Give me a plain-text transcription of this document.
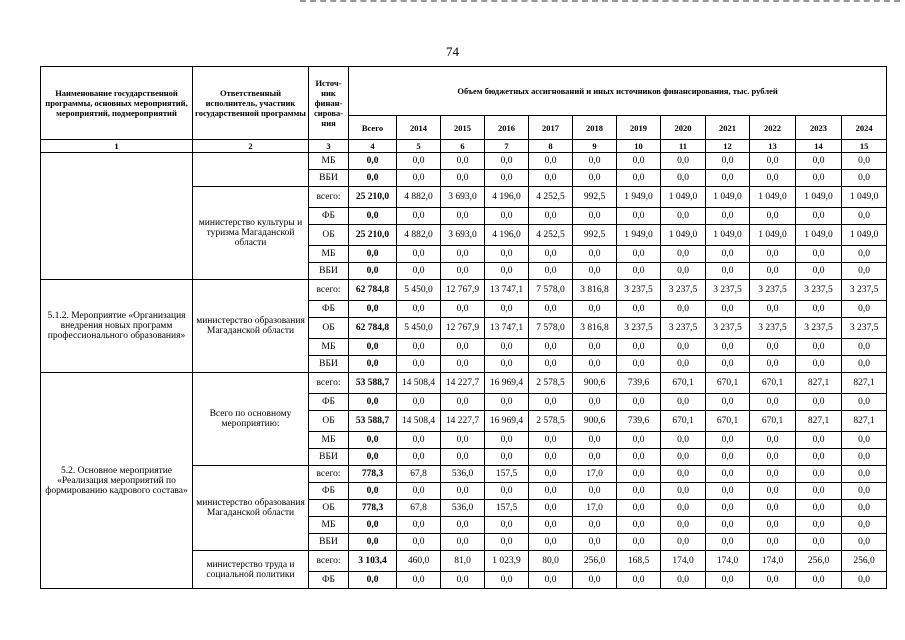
74
Наименование государственной программы, основных мероприятий, мероприятий, подмероприятий	Ответственный исполнитель, участник государственной программы	Источ-ник финан-сирова-ния	Объем бюджетных ассигнований и иных источников финансирования, тыс. рублей											
			Всего	2014	2015	2016	2017	2018	2019	2020	2021	2022	2023	2024
1	2	3	4	5	6	7	8	9	10	11	12	13	14	15
		МБ	0,0	0,0	0,0	0,0	0,0	0,0	0,0	0,0	0,0	0,0	0,0	0,0
		ВБИ	0,0	0,0	0,0	0,0	0,0	0,0	0,0	0,0	0,0	0,0	0,0	0,0
	министерство культуры и туризма Магаданской области	всего:	25 210,0	4 882,0	3 693,0	4 196,0	4 252,5	992,5	1 949,0	1 049,0	1 049,0	1 049,0	1 049,0	1 049,0
		ФБ	0,0	0,0	0,0	0,0	0,0	0,0	0,0	0,0	0,0	0,0	0,0	0,0
		ОБ	25 210,0	4 882,0	3 693,0	4 196,0	4 252,5	992,5	1 949,0	1 049,0	1 049,0	1 049,0	1 049,0	1 049,0
		МБ	0,0	0,0	0,0	0,0	0,0	0,0	0,0	0,0	0,0	0,0	0,0	0,0
		ВБИ	0,0	0,0	0,0	0,0	0,0	0,0	0,0	0,0	0,0	0,0	0,0	0,0
5.1.2. Мероприятие «Организация внедрения новых программ профессионального образования»	министерство образования Магаданской области	всего:	62 784,8	5 450,0	12 767,9	13 747,1	7 578,0	3 816,8	3 237,5	3 237,5	3 237,5	3 237,5	3 237,5	3 237,5
		ФБ	0,0	0,0	0,0	0,0	0,0	0,0	0,0	0,0	0,0	0,0	0,0	0,0
		ОБ	62 784,8	5 450,0	12 767,9	13 747,1	7 578,0	3 816,8	3 237,5	3 237,5	3 237,5	3 237,5	3 237,5	3 237,5
		МБ	0,0	0,0	0,0	0,0	0,0	0,0	0,0	0,0	0,0	0,0	0,0	0,0
		ВБИ	0,0	0,0	0,0	0,0	0,0	0,0	0,0	0,0	0,0	0,0	0,0	0,0
5.2. Основное мероприятие «Реализация мероприятий по формированию кадрового состава»	Всего по основному мероприятию:	всего:	53 588,7	14 508,4	14 227,7	16 969,4	2 578,5	900,6	739,6	670,1	670,1	670,1	827,1	827,1
		ФБ	0,0	0,0	0,0	0,0	0,0	0,0	0,0	0,0	0,0	0,0	0,0	0,0
		ОБ	53 588,7	14 508,4	14 227,7	16 969,4	2 578,5	900,6	739,6	670,1	670,1	670,1	827,1	827,1
		МБ	0,0	0,0	0,0	0,0	0,0	0,0	0,0	0,0	0,0	0,0	0,0	0,0
		ВБИ	0,0	0,0	0,0	0,0	0,0	0,0	0,0	0,0	0,0	0,0	0,0	0,0
	министерство образования Магаданской области	всего:	778,3	67,8	536,0	157,5	0,0	17,0	0,0	0,0	0,0	0,0	0,0	0,0
		ФБ	0,0	0,0	0,0	0,0	0,0	0,0	0,0	0,0	0,0	0,0	0,0	0,0
		ОБ	778,3	67,8	536,0	157,5	0,0	17,0	0,0	0,0	0,0	0,0	0,0	0,0
		МБ	0,0	0,0	0,0	0,0	0,0	0,0	0,0	0,0	0,0	0,0	0,0	0,0
		ВБИ	0,0	0,0	0,0	0,0	0,0	0,0	0,0	0,0	0,0	0,0	0,0	0,0
	министерство труда и социальной политики	всего:	3 103,4	460,0	81,0	1 023,9	80,0	256,0	168,5	174,0	174,0	174,0	256,0	256,0
		ФБ	0,0	0,0	0,0	0,0	0,0	0,0	0,0	0,0	0,0	0,0	0,0	0,0
